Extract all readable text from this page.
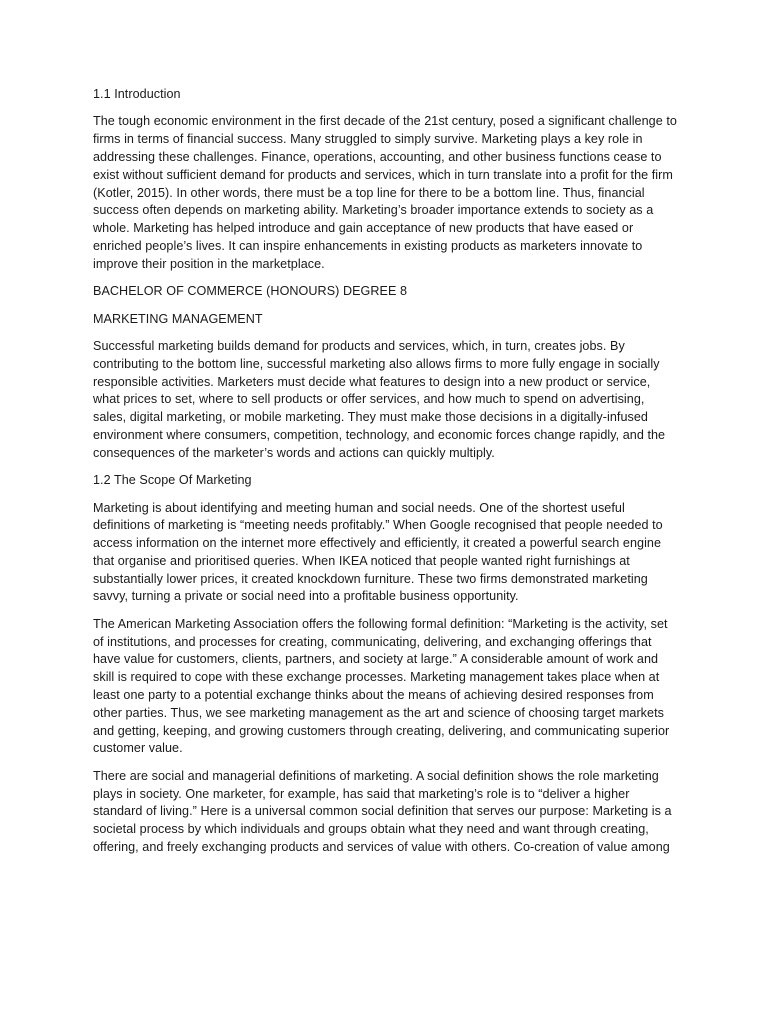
1.1 Introduction

The tough economic environment in the first decade of the 21st century, posed a significant challenge to firms in terms of financial success. Many struggled to simply survive. Marketing plays a key role in addressing these challenges. Finance, operations, accounting, and other business functions cease to exist without sufficient demand for products and services, which in turn translate into a profit for the firm (Kotler, 2015). In other words, there must be a top line for there to be a bottom line. Thus, financial success often depends on marketing ability. Marketing’s broader importance extends to society as a whole. Marketing has helped introduce and gain acceptance of new products that have eased or enriched people’s lives. It can inspire enhancements in existing products as marketers innovate to improve their position in the marketplace.

BACHELOR OF COMMERCE (HONOURS) DEGREE 8

MARKETING MANAGEMENT

Successful marketing builds demand for products and services, which, in turn, creates jobs. By contributing to the bottom line, successful marketing also allows firms to more fully engage in socially responsible activities. Marketers must decide what features to design into a new product or service, what prices to set, where to sell products or offer services, and how much to spend on advertising, sales, digital marketing, or mobile marketing. They must make those decisions in a digitally-infused environment where consumers, competition, technology, and economic forces change rapidly, and the consequences of the marketer’s words and actions can quickly multiply.

1.2 The Scope Of Marketing

Marketing is about identifying and meeting human and social needs. One of the shortest useful definitions of marketing is “meeting needs profitably.” When Google recognised that people needed to access information on the internet more effectively and efficiently, it created a powerful search engine that organise and prioritised queries. When IKEA noticed that people wanted right furnishings at substantially lower prices, it created knockdown furniture. These two firms demonstrated marketing savvy, turning a private or social need into a profitable business opportunity.

The American Marketing Association offers the following formal definition: “Marketing is the activity, set of institutions, and processes for creating, communicating, delivering, and exchanging offerings that have value for customers, clients, partners, and society at large.” A considerable amount of work and skill is required to cope with these exchange processes. Marketing management takes place when at least one party to a potential exchange thinks about the means of achieving desired responses from other parties. Thus, we see marketing management as the art and science of choosing target markets and getting, keeping, and growing customers through creating, delivering, and communicating superior customer value.

There are social and managerial definitions of marketing. A social definition shows the role marketing plays in society. One marketer, for example, has said that marketing’s role is to “deliver a higher standard of living.” Here is a universal common social definition that serves our purpose: Marketing is a societal process by which individuals and groups obtain what they need and want through creating, offering, and freely exchanging products and services of value with others. Co-creation of value among
